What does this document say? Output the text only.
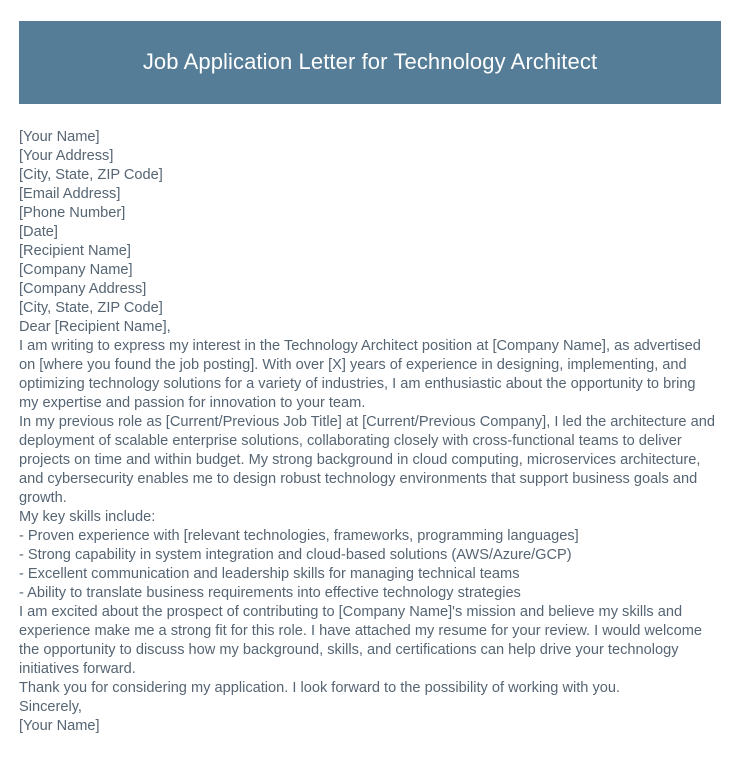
Job Application Letter for Technology Architect
[Your Name]
[Your Address]
[City, State, ZIP Code]
[Email Address]
[Phone Number]
[Date]
[Recipient Name]
[Company Name]
[Company Address]
[City, State, ZIP Code]
Dear [Recipient Name],

I am writing to express my interest in the Technology Architect position at [Company Name], as advertised on [where you found the job posting]. With over [X] years of experience in designing, implementing, and optimizing technology solutions for a variety of industries, I am enthusiastic about the opportunity to bring my expertise and passion for innovation to your team.

In my previous role as [Current/Previous Job Title] at [Current/Previous Company], I led the architecture and deployment of scalable enterprise solutions, collaborating closely with cross-functional teams to deliver projects on time and within budget. My strong background in cloud computing, microservices architecture, and cybersecurity enables me to design robust technology environments that support business goals and growth.

My key skills include:
- Proven experience with [relevant technologies, frameworks, programming languages]
- Strong capability in system integration and cloud-based solutions (AWS/Azure/GCP)
- Excellent communication and leadership skills for managing technical teams
- Ability to translate business requirements into effective technology strategies

I am excited about the prospect of contributing to [Company Name]'s mission and believe my skills and experience make me a strong fit for this role. I have attached my resume for your review. I would welcome the opportunity to discuss how my background, skills, and certifications can help drive your technology initiatives forward.

Thank you for considering my application. I look forward to the possibility of working with you.

Sincerely,
[Your Name]
